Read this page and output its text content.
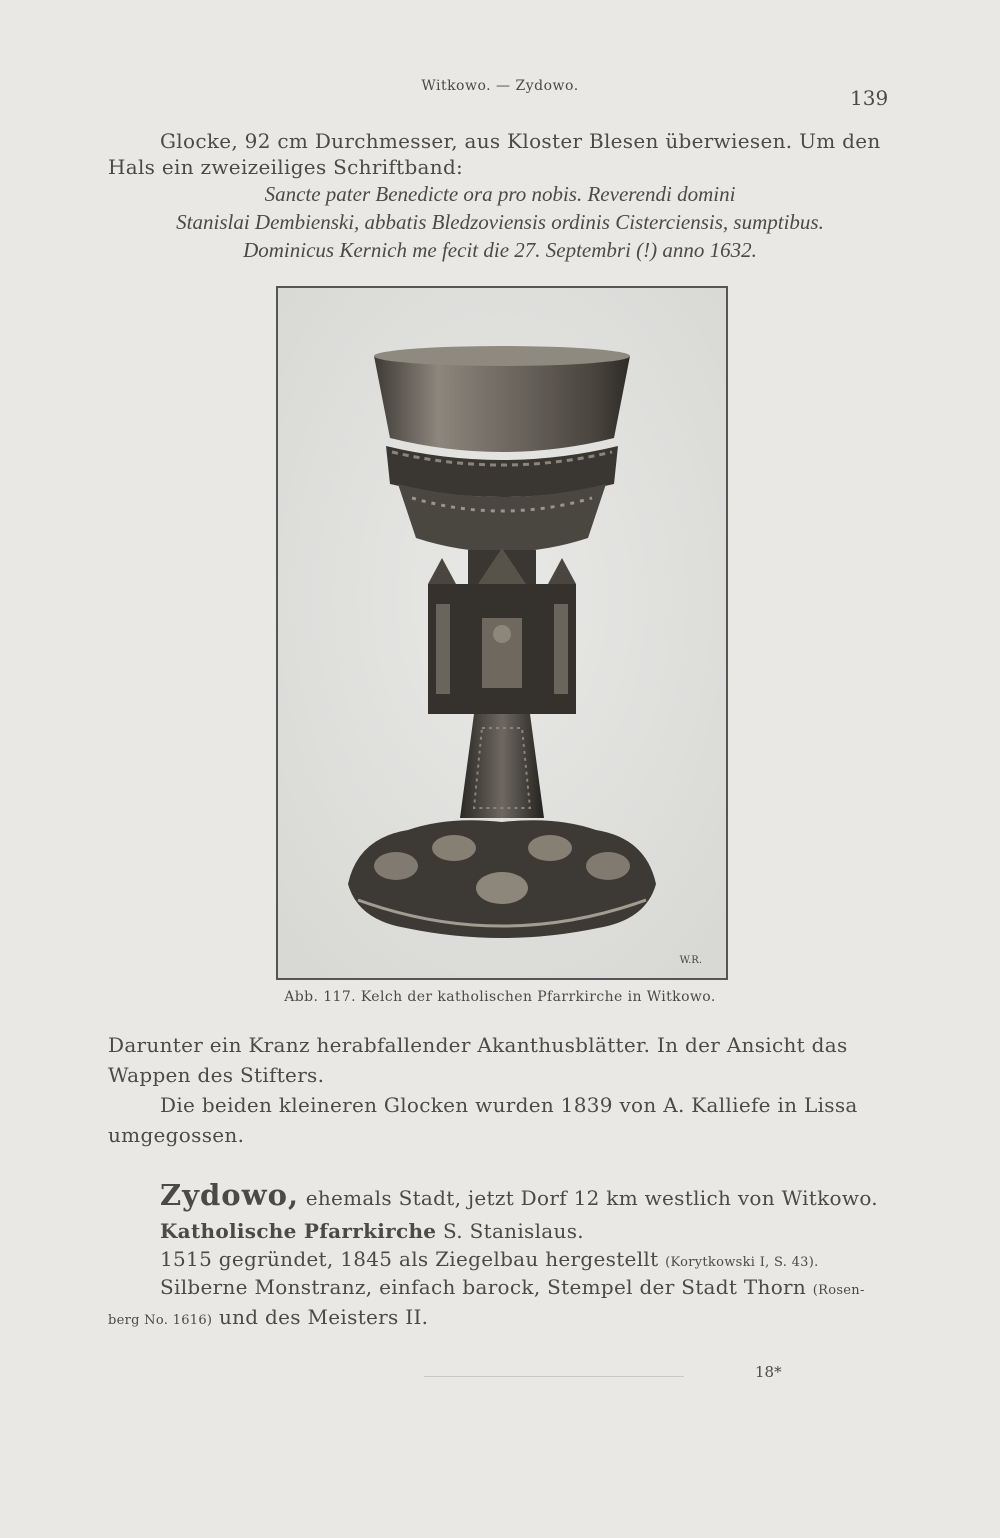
Witkowo. — Zydowo.	139

Glocke, 92 cm Durchmesser, aus Kloster Blesen überwiesen. Um den

Hals ein zweizeiliges Schriftband:

Sancte pater Benedicte ora pro nobis. Reverendi domini

Stanislai Dembienski, abbatis Bledzoviensis ordinis Cisterciensis, sumptibus.

Dominicus Kernich me fecit die 27. Septembri (!) anno 1632.

W.R.
Abb. 117. Kelch der katholischen Pfarrkirche in Witkowo.

Darunter ein Kranz herabfallender Akanthusblätter. In der Ansicht das

Wappen des Stifters.

Die beiden kleineren Glocken wurden 1839 von A. Kalliefe in Lissa

umgegossen.

Zydowo, ehemals Stadt, jetzt Dorf 12 km westlich von Witkowo.

Katholische Pfarrkirche S. Stanislaus.

1515 gegründet, 1845 als Ziegelbau hergestellt (Korytkowski I, S. 43).

Silberne Monstranz, einfach barock, Stempel der Stadt Thorn (Rosen-

berg No. 1616) und des Meisters II.

18*
